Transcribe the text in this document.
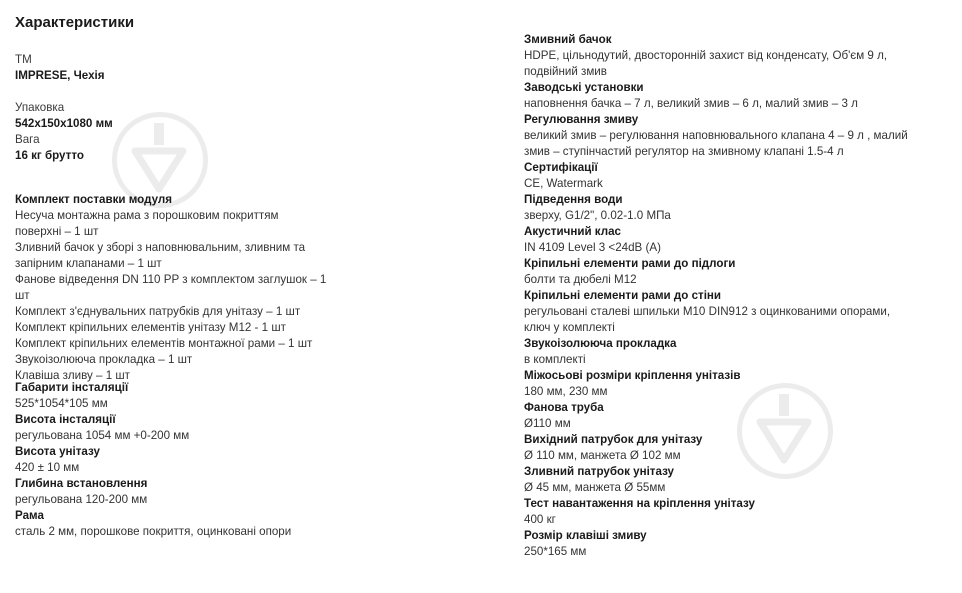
Характеристики
ТМ
IMPRESE, Чехія
Упаковка
542x150x1080 мм
Вага
16 кг брутто
Комплект поставки модуля
Несуча монтажна рама з порошковим покриттям
поверхні – 1 шт
Зливний бачок у зборі з наповнювальним, зливним та
запірним клапанами – 1 шт
Фанове відведення DN 110 PP з комплектом заглушок – 1
шт
Комплект з'єднувальних патрубків для унітазу – 1 шт
Комплект кріпильних елементів унітазу M12 - 1 шт
Комплект кріпильних елементів монтажної рами – 1 шт
Звукоізолююча прокладка – 1 шт
Клавіша зливу – 1 шт
Габарити інсталяції
525*1054*105 мм
Висота інсталяції
регульована 1054 мм +0-200 мм
Висота унітазу
420 ± 10 мм
Глибина встановлення
регульована 120-200 мм
Рама
сталь 2 мм, порошкове покриття, оцинковані опори
Змивний бачок
HDPE, цільнодутий, двосторонній захист від конденсату, Об'єм 9 л,
подвійний змив
Заводські установки
наповнення бачка – 7 л, великий змив – 6 л, малий змив – 3 л
Регулювання змиву
великий змив – регулювання наповнювального клапана 4 – 9 л , малий
змив – ступінчастий регулятор на змивному клапані 1.5-4 л
Сертифікації
CE, Watermark
Підведення води
зверху, G1/2", 0.02-1.0 МПа
Акустичний клас
IN 4109 Level 3 <24dB (A)
Кріпильні елементи рами до підлоги
болти та дюбелі M12
Кріпильні елементи рами до стіни
регульовані сталеві шпильки M10 DIN912 з оцинкованими опорами,
ключ у комплекті
Звукоізолююча прокладка
в комплекті
Міжосьові розміри кріплення унітазів
180 мм, 230 мм
Фанова труба
Ø110 мм
Вихідний патрубок для унітазу
Ø 110 мм, манжета Ø 102 мм
Зливний патрубок унітазу
Ø 45 мм, манжета Ø 55мм
Тест навантаження на кріплення унітазу
400 кг
Розмір клавіші змиву
250*165 мм
